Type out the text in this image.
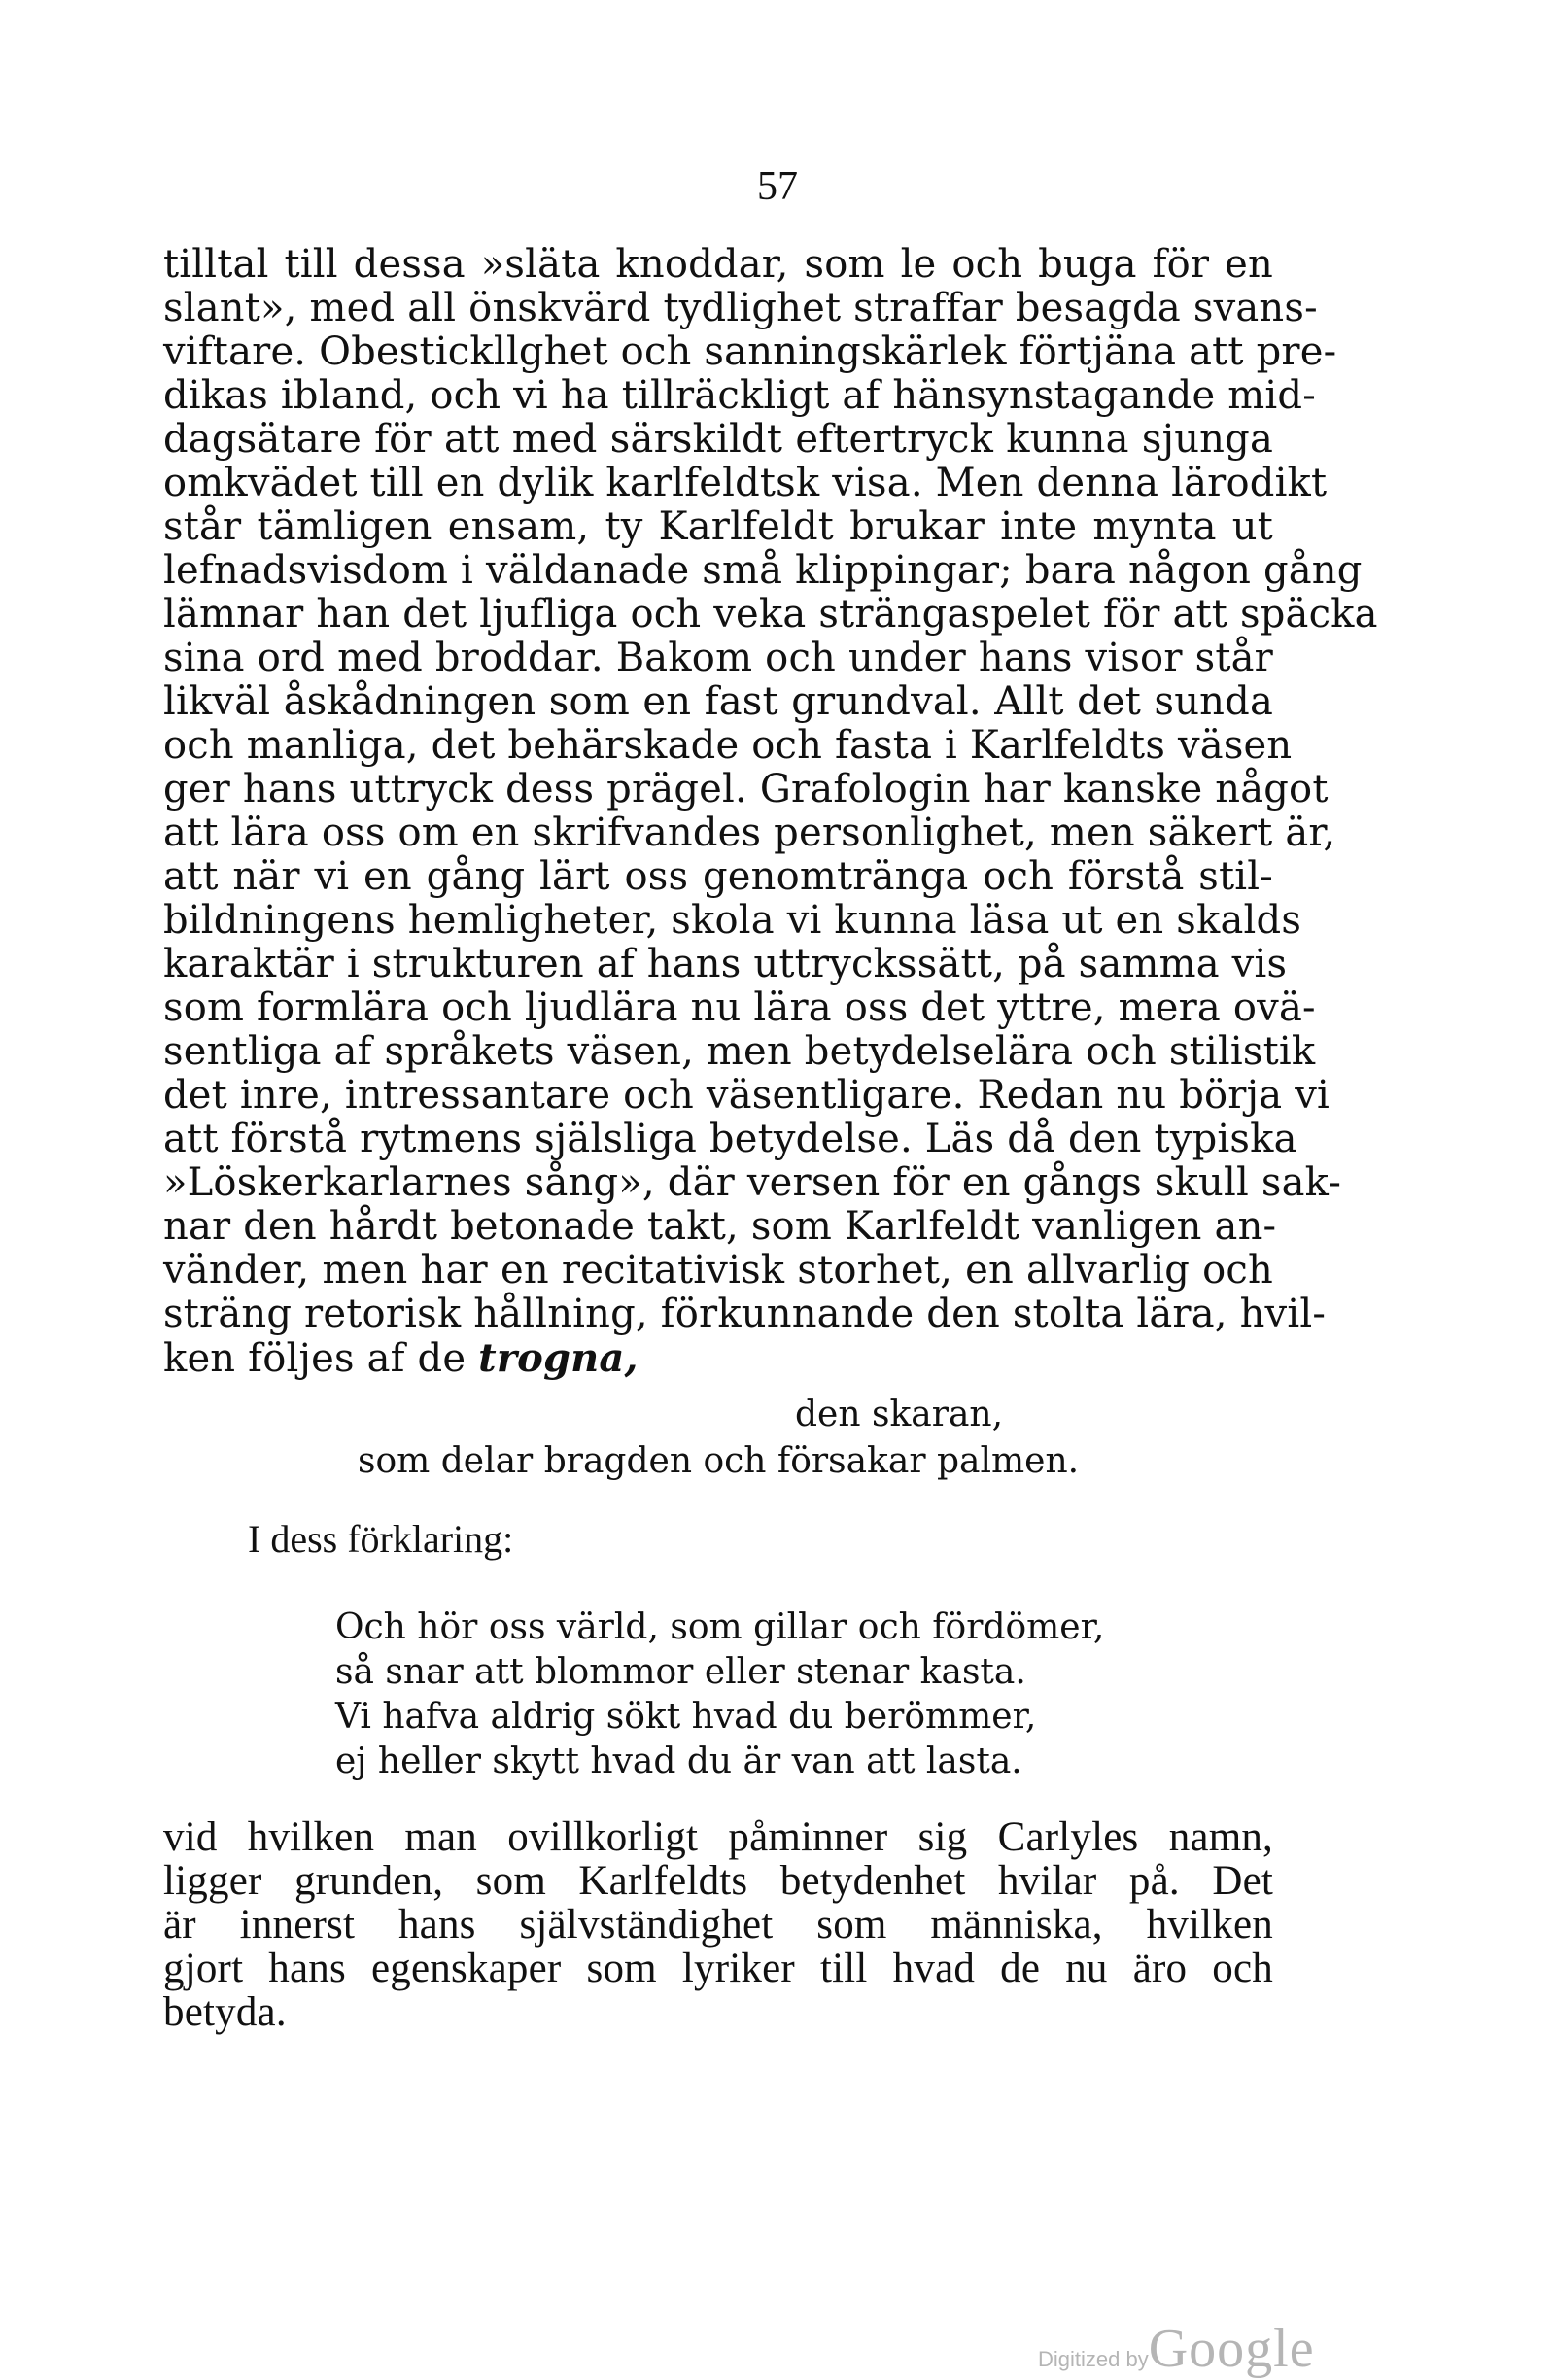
57
tilltal till dessa »släta knoddar, som le och buga för en
slant», med all önskvärd tydlighet straffar besagda svans-
viftare. Obestickllghet och sanningskärlek förtjäna att pre-
dikas ibland, och vi ha tillräckligt af hänsynstagande mid-
dagsätare för att med särskildt eftertryck kunna sjunga
omkvädet till en dylik karlfeldtsk visa. Men denna lärodikt
står tämligen ensam, ty Karlfeldt brukar inte mynta ut
lefnadsvisdom i väldanade små klippingar; bara någon gång
lämnar han det ljufliga och veka strängaspelet för att späcka
sina ord med broddar. Bakom och under hans visor står
likväl åskådningen som en fast grundval. Allt det sunda
och manliga, det behärskade och fasta i Karlfeldts väsen
ger hans uttryck dess prägel. Grafologin har kanske något
att lära oss om en skrifvandes personlighet, men säkert är,
att när vi en gång lärt oss genomtränga och förstå stil-
bildningens hemligheter, skola vi kunna läsa ut en skalds
karaktär i strukturen af hans uttryckssätt, på samma vis
som formlära och ljudlära nu lära oss det yttre, mera ovä-
sentliga af språkets väsen, men betydelselära och stilistik
det inre, intressantare och väsentligare. Redan nu börja vi
att förstå rytmens själsliga betydelse. Läs då den typiska
»Löskerkarlarnes sång», där versen för en gångs skull sak-
nar den hårdt betonade takt, som Karlfeldt vanligen an-
vänder, men har en recitativisk storhet, en allvarlig och
sträng retorisk hållning, förkunnande den stolta lära, hvil-
ken följes af de trogna,
den skaran,
som delar bragden och försakar palmen.
I dess förklaring:
Och hör oss värld, som gillar och fördömer,
så snar att blommor eller stenar kasta.
Vi hafva aldrig sökt hvad du berömmer,
ej heller skytt hvad du är van att lasta.
vid hvilken man ovillkorligt påminner sig Carlyles namn,
ligger grunden, som Karlfeldts betydenhet hvilar på. Det
är innerst hans självständighet som människa, hvilken
gjort hans egenskaper som lyriker till hvad de nu äro och
betyda.
Digitized byGoogle
